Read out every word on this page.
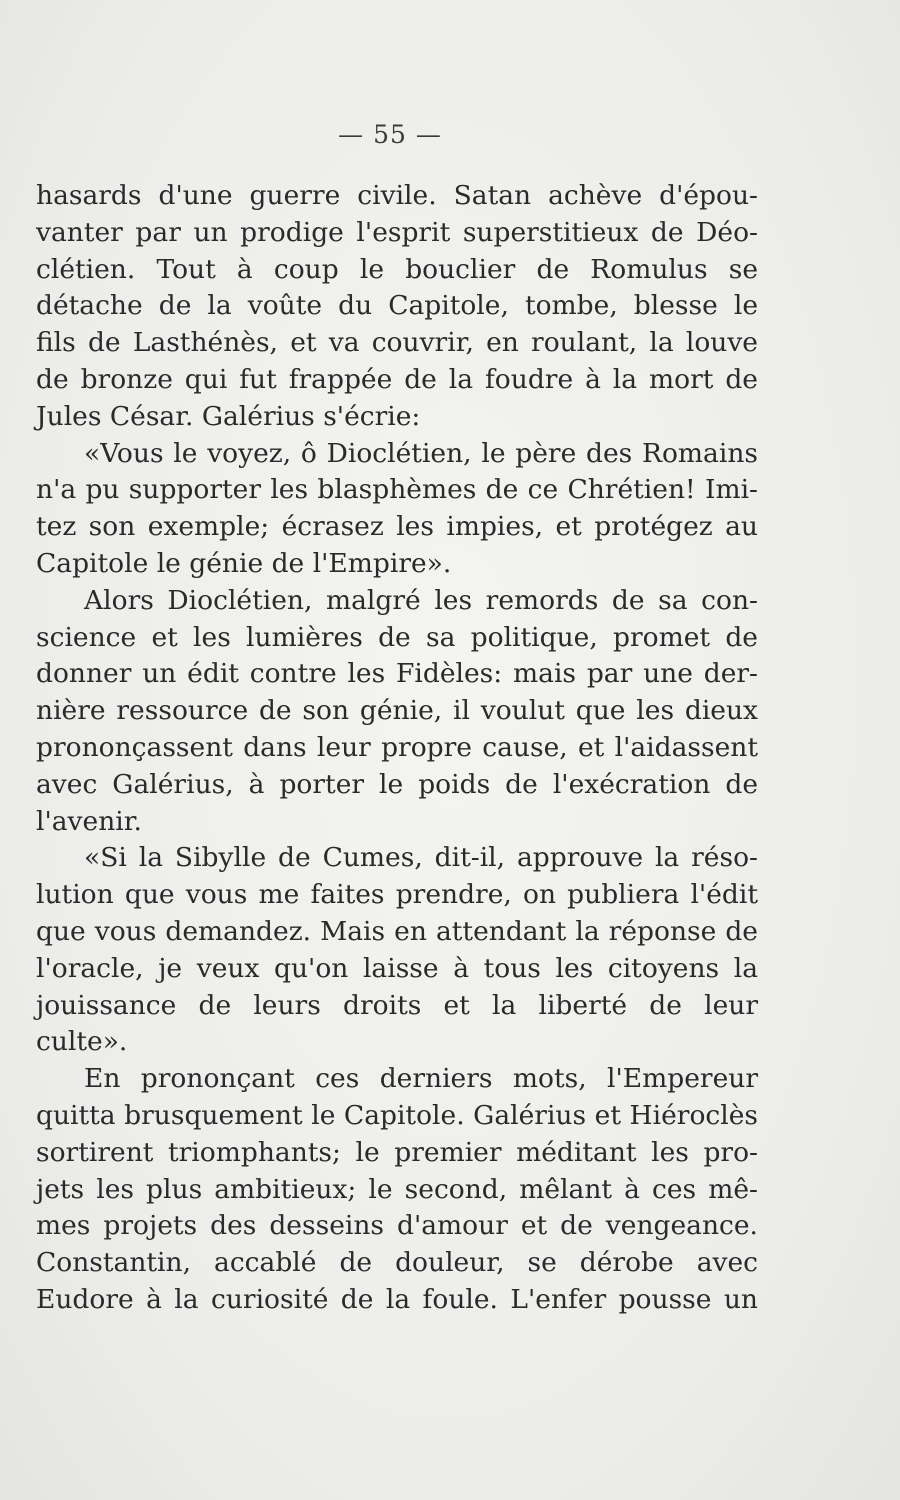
— 55 —
hasards d'une guerre civile. Satan achève d'épou-
vanter par un prodige l'esprit superstitieux de Déo-
clétien. Tout à coup le bouclier de Romulus se
détache de la voûte du Capitole, tombe, blesse le
fils de Lasthénès, et va couvrir, en roulant, la louve
de bronze qui fut frappée de la foudre à la mort de
Jules César. Galérius s'écrie:
«Vous le voyez, ô Dioclétien, le père des Romains
n'a pu supporter les blasphèmes de ce Chrétien! Imi-
tez son exemple; écrasez les impies, et protégez au
Capitole le génie de l'Empire».
Alors Dioclétien, malgré les remords de sa con-
science et les lumières de sa politique, promet de
donner un édit contre les Fidèles: mais par une der-
nière ressource de son génie, il voulut que les dieux
prononçassent dans leur propre cause, et l'aidassent
avec Galérius, à porter le poids de l'exécration de
l'avenir.
«Si la Sibylle de Cumes, dit-il, approuve la réso-
lution que vous me faites prendre, on publiera l'édit
que vous demandez. Mais en attendant la réponse de
l'oracle, je veux qu'on laisse à tous les citoyens la
jouissance de leurs droits et la liberté de leur
culte».
En prononçant ces derniers mots, l'Empereur
quitta brusquement le Capitole. Galérius et Hiéroclès
sortirent triomphants; le premier méditant les pro-
jets les plus ambitieux; le second, mêlant à ces mê-
mes projets des desseins d'amour et de vengeance.
Constantin, accablé de douleur, se dérobe avec
Eudore à la curiosité de la foule. L'enfer pousse un
